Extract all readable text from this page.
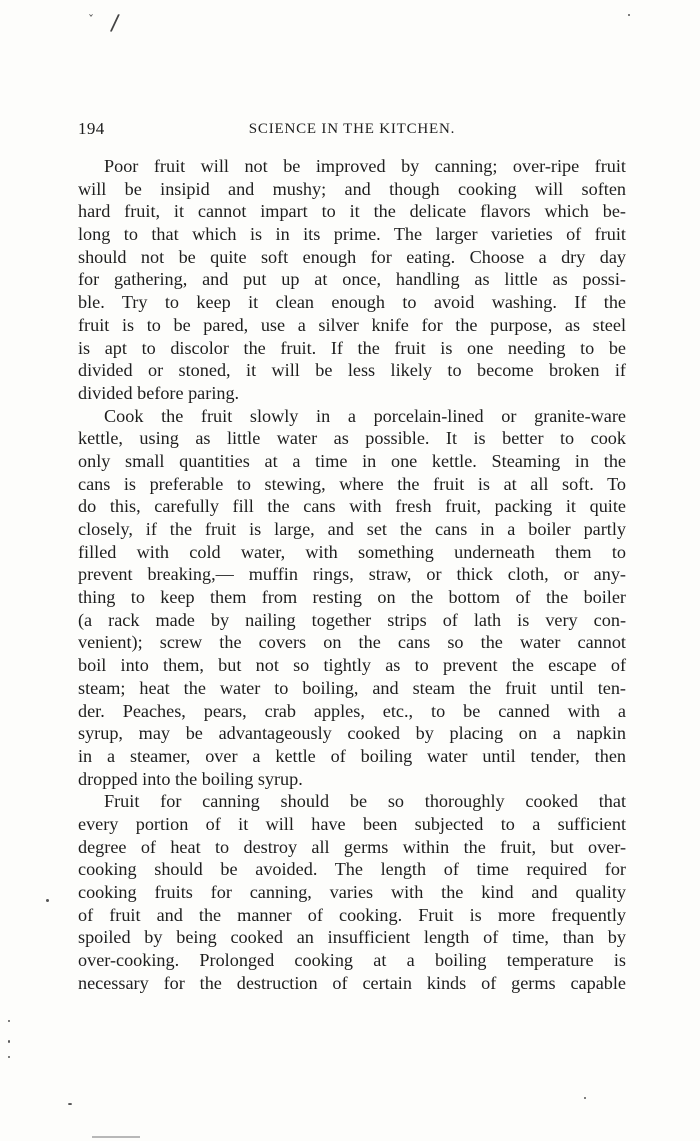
ˇ /
194	SCIENCE IN THE KITCHEN.

Poor fruit will not be improved by canning; over-ripe fruit
will be insipid and mushy; and though cooking will soften
hard fruit, it cannot impart to it the delicate flavors which be-
long to that which is in its prime. The larger varieties of fruit
should not be quite soft enough for eating. Choose a dry day
for gathering, and put up at once, handling as little as possi-
ble. Try to keep it clean enough to avoid washing. If the
fruit is to be pared, use a silver knife for the purpose, as steel
is apt to discolor the fruit. If the fruit is one needing to be
divided or stoned, it will be less likely to become broken if
divided before paring.

Cook the fruit slowly in a porcelain-lined or granite-ware
kettle, using as little water as possible. It is better to cook
only small quantities at a time in one kettle. Steaming in the
cans is preferable to stewing, where the fruit is at all soft. To
do this, carefully fill the cans with fresh fruit, packing it quite
closely, if the fruit is large, and set the cans in a boiler partly
filled with cold water, with something underneath them to
prevent breaking,— muffin rings, straw, or thick cloth, or any-
thing to keep them from resting on the bottom of the boiler
(a rack made by nailing together strips of lath is very con-
venient); screw the covers on the cans so the water cannot
boil into them, but not so tightly as to prevent the escape of
steam; heat the water to boiling, and steam the fruit until ten-
der. Peaches, pears, crab apples, etc., to be canned with a
syrup, may be advantageously cooked by placing on a napkin
in a steamer, over a kettle of boiling water until tender, then
dropped into the boiling syrup.

Fruit for canning should be so thoroughly cooked that
every portion of it will have been subjected to a sufficient
degree of heat to destroy all germs within the fruit, but over-
cooking should be avoided. The length of time required for
cooking fruits for canning, varies with the kind and quality
of fruit and the manner of cooking. Fruit is more frequently
spoiled by being cooked an insufficient length of time, than by
over-cooking. Prolonged cooking at a boiling temperature is
necessary for the destruction of certain kinds of germs capable
